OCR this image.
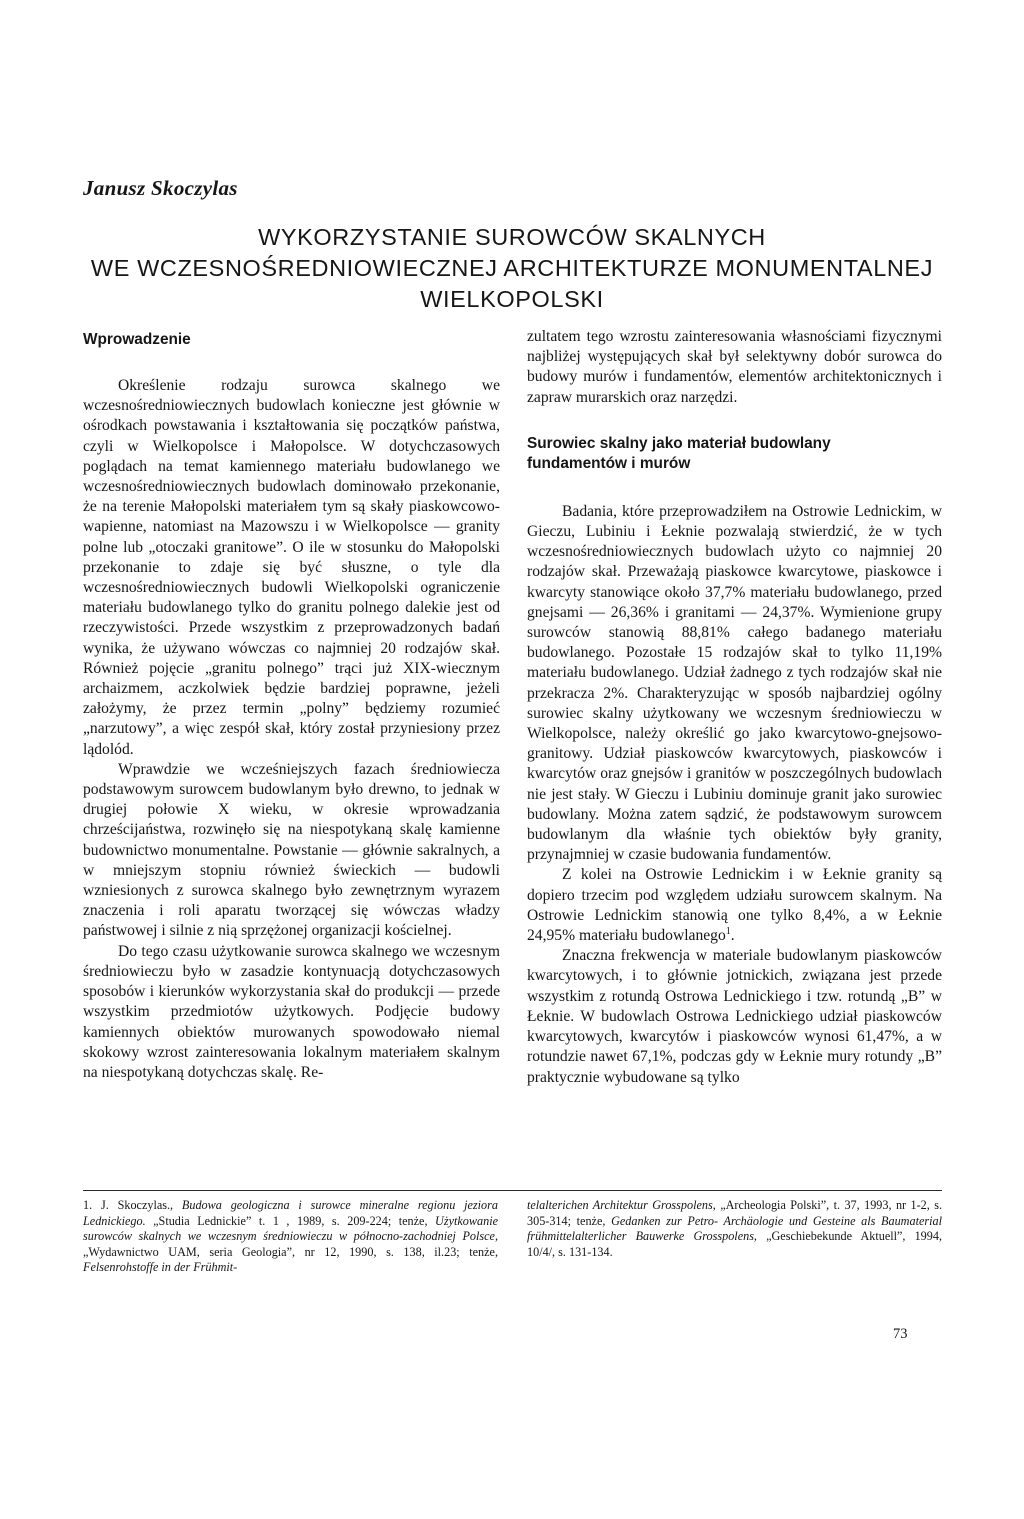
Janusz Skoczylas
WYKORZYSTANIE SUROWCÓW SKALNYCH
WE WCZESNOŚREDNIOWIECZNEJ ARCHITEKTURZE MONUMENTALNEJ
WIELKOPOLSKI
Wprowadzenie

Określenie rodzaju surowca skalnego we wczesnośredniowiecznych budowlach konieczne jest głównie w ośrodkach powstawania i kształtowania się początków państwa, czyli w Wielkopolsce i Małopolsce. W dotychczasowych poglądach na temat kamiennego materiału budowlanego we wczesnośredniowiecznych budowlach dominowało przekonanie, że na terenie Małopolski materiałem tym są skały piaskowcowo-wapienne, natomiast na Mazowszu i w Wielkopolsce — granity polne lub „otoczaki granitowe”. O ile w stosunku do Małopolski przekonanie to zdaje się być słuszne, o tyle dla wczesnośredniowiecznych budowli Wielkopolski ograniczenie materiału budowlanego tylko do granitu polnego dalekie jest od rzeczywistości. Przede wszystkim z przeprowadzonych badań wynika, że używano wówczas co najmniej 20 rodzajów skał. Również pojęcie „granitu polnego” trąci już XIX-wiecznym archaizmem, aczkolwiek będzie bardziej poprawne, jeżeli założymy, że przez termin „polny” będziemy rozumieć „narzutowy”, a więc zespół skał, który został przyniesiony przez lądolód.

Wprawdzie we wcześniejszych fazach średniowiecza podstawowym surowcem budowlanym było drewno, to jednak w drugiej połowie X wieku, w okresie wprowadzania chrześcijaństwa, rozwinęło się na niespotykaną skalę kamienne budownictwo monumentalne. Powstanie — głównie sakralnych, a w mniejszym stopniu również świeckich — budowli wzniesionych z surowca skalnego było zewnętrznym wyrazem znaczenia i roli aparatu tworzącej się wówczas władzy państwowej i silnie z nią sprzężonej organizacji kościelnej.

Do tego czasu użytkowanie surowca skalnego we wczesnym średniowieczu było w zasadzie kontynuacją dotychczasowych sposobów i kierunków wykorzystania skał do produkcji — przede wszystkim przedmiotów użytkowych. Podjęcie budowy kamiennych obiektów murowanych spowodowało niemal skokowy wzrost zainteresowania lokalnym materiałem skalnym na niespotykaną dotychczas skalę. Re-

zultatem tego wzrostu zainteresowania własnościami fizycznymi najbliżej występujących skał był selektywny dobór surowca do budowy murów i fundamentów, elementów architektonicznych i zapraw murarskich oraz narzędzi.

Surowiec skalny jako materiał budowlany
fundamentów i murów

Badania, które przeprowadziłem na Ostrowie Lednickim, w Gieczu, Lubiniu i Łeknie pozwalają stwierdzić, że w tych wczesnośredniowiecznych budowlach użyto co najmniej 20 rodzajów skał. Przeważają piaskowce kwarcytowe, piaskowce i kwarcyty stanowiące około 37,7% materiału budowlanego, przed gnejsami — 26,36% i granitami — 24,37%. Wymienione grupy surowców stanowią 88,81% całego badanego materiału budowlanego. Pozostałe 15 rodzajów skał to tylko 11,19% materiału budowlanego. Udział żadnego z tych rodzajów skał nie przekracza 2%. Charakteryzując w sposób najbardziej ogólny surowiec skalny użytkowany we wczesnym średniowieczu w Wielkopolsce, należy określić go jako kwarcytowo-gnejsowo-granitowy. Udział piaskowców kwarcytowych, piaskowców i kwarcytów oraz gnejsów i granitów w poszczególnych budowlach nie jest stały. W Gieczu i Lubiniu dominuje granit jako surowiec budowlany. Można zatem sądzić, że podstawowym surowcem budowlanym dla właśnie tych obiektów były granity, przynajmniej w czasie budowania fundamentów.

Z kolei na Ostrowie Lednickim i w Łeknie granity są dopiero trzecim pod względem udziału surowcem skalnym. Na Ostrowie Lednickim stanowią one tylko 8,4%, a w Łeknie 24,95% materiału budowlanego$^1$.

Znaczna frekwencja w materiale budowlanym piaskowców kwarcytowych, i to głównie jotnickich, związana jest przede wszystkim z rotundą Ostrowa Lednickiego i tzw. rotundą „B” w Łeknie. W budowlach Ostrowa Lednickiego udział piaskowców kwarcytowych, kwarcytów i piaskowców wynosi 61,47%, a w rotundzie nawet 67,1%, podczas gdy w Łeknie mury rotundy „B” praktycznie wybudowane są tylko

1. J. Skoczylas., Budowa geologiczna i surowce mineralne regionu jeziora Lednickiego. „Studia Lednickie” t. 1 , 1989, s. 209-224; tenże, Użytkowanie surowców skalnych we wczesnym średniowieczu w północno-zachodniej Polsce, „Wydawnictwo UAM, seria Geologia”, nr 12, 1990, s. 138, il.23; tenże, Felsenrohstoffe in der Frühmit-

telalterichen Architektur Grosspolens, „Archeologia Polski”, t. 37, 1993, nr 1-2, s. 305-314; tenże, Gedanken zur Petro- Archäologie und Gesteine als Baumaterial frühmittelalterlicher Bauwerke Grosspolens, „Geschiebekunde Aktuell”, 1994, 10/4/, s. 131-134.

73
